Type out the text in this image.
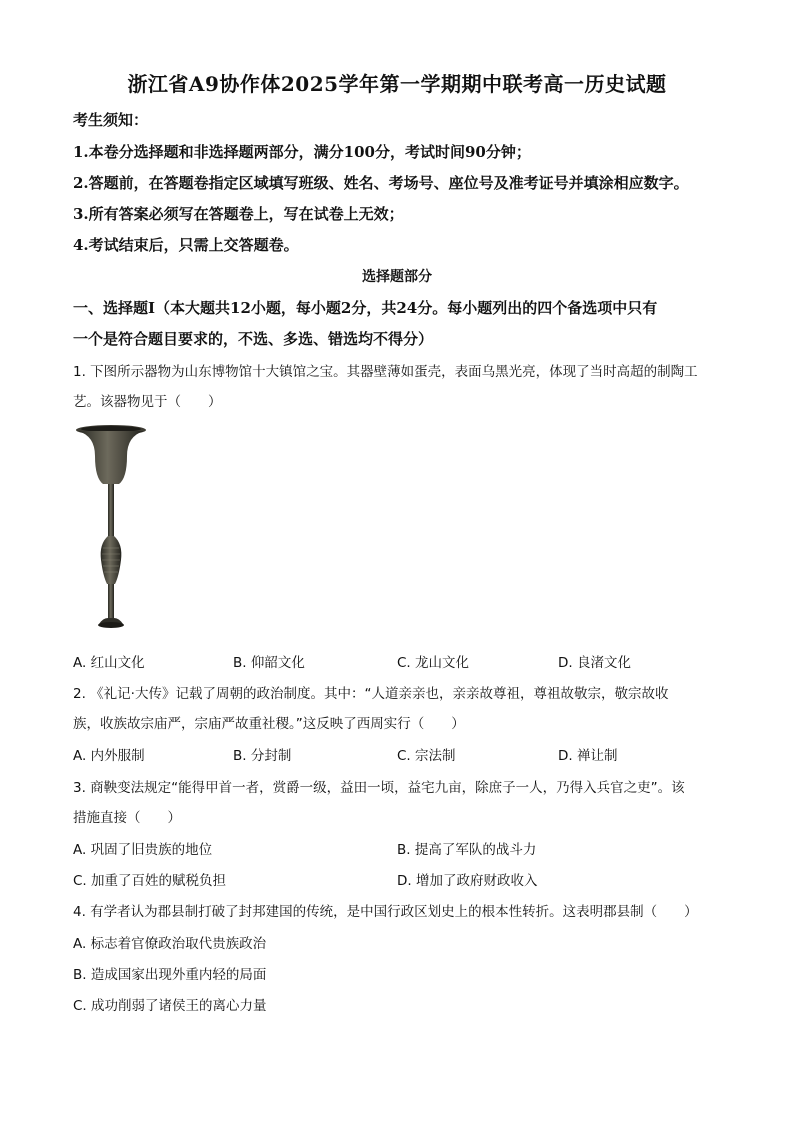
浙江省A9协作体2025学年第一学期期中联考高一历史试题
考生须知：
1.本卷分选择题和非选择题两部分，满分100分，考试时间90分钟；
2.答题前，在答题卷指定区域填写班级、姓名、考场号、座位号及准考证号并填涂相应数字。
3.所有答案必须写在答题卷上，写在试卷上无效；
4.考试结束后，只需上交答题卷。
选择题部分
一、选择题Ⅰ（本大题共12小题，每小题2分，共24分。每小题列出的四个备选项中只有
一个是符合题目要求的，不选、多选、错选均不得分）
1. 下图所示器物为山东博物馆十大镇馆之宝。其器壁薄如蛋壳，表面乌黑光亮，体现了当时高超的制陶工
艺。该器物见于（　　）
A. 红山文化	B. 仰韶文化	C. 龙山文化	D. 良渚文化
2. 《礼记·大传》记载了周朝的政治制度。其中：“人道亲亲也，亲亲故尊祖，尊祖故敬宗，敬宗故收
族，收族故宗庙严，宗庙严故重社稷。”这反映了西周实行（　　）
A. 内外服制	B. 分封制	C. 宗法制	D. 禅让制
3. 商鞅变法规定“能得甲首一者，赏爵一级，益田一顷，益宅九亩，除庶子一人，乃得入兵官之吏”。该
措施直接（　　）
A. 巩固了旧贵族的地位	B. 提高了军队的战斗力
C. 加重了百姓的赋税负担	D. 增加了政府财政收入
4. 有学者认为郡县制打破了封邦建国的传统，是中国行政区划史上的根本性转折。这表明郡县制（　　）
A. 标志着官僚政治取代贵族政治
B. 造成国家出现外重内轻的局面
C. 成功削弱了诸侯王的离心力量
